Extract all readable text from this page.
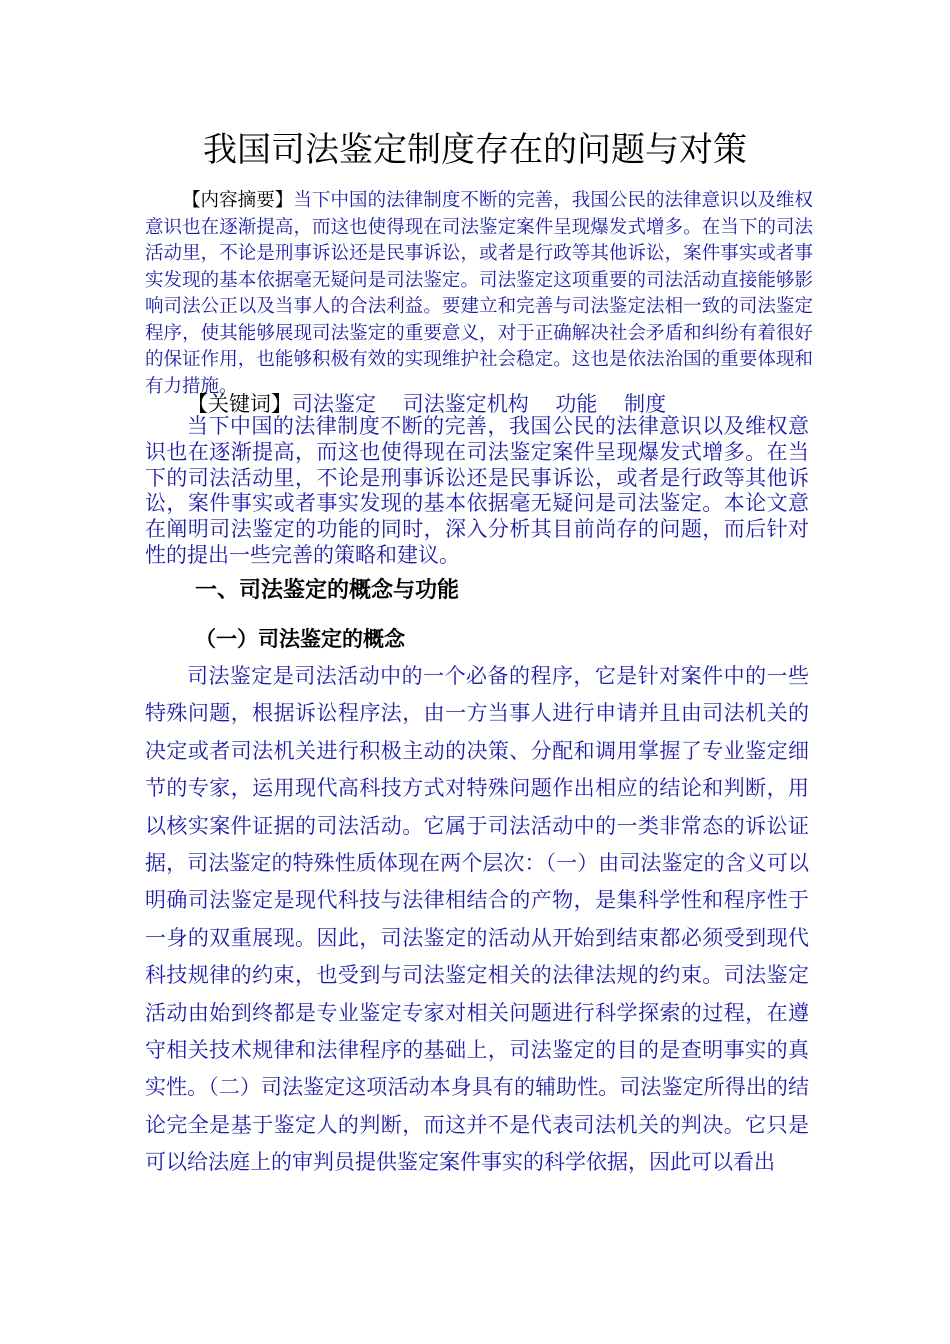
我国司法鉴定制度存在的问题与对策
【内容摘要】当下中国的法律制度不断的完善，我国公民的法律意识以及维权意识也在逐渐提高，而这也使得现在司法鉴定案件呈现爆发式增多。在当下的司法活动里，不论是刑事诉讼还是民事诉讼，或者是行政等其他诉讼，案件事实或者事实发现的基本依据毫无疑问是司法鉴定。司法鉴定这项重要的司法活动直接能够影响司法公正以及当事人的合法利益。要建立和完善与司法鉴定法相一致的司法鉴定程序，使其能够展现司法鉴定的重要意义，对于正确解决社会矛盾和纠纷有着很好的保证作用，也能够积极有效的实现维护社会稳定。这也是依法治国的重要体现和有力措施。
【关键词】司法鉴定    司法鉴定机构    功能    制度
当下中国的法律制度不断的完善，我国公民的法律意识以及维权意识也在逐渐提高，而这也使得现在司法鉴定案件呈现爆发式增多。在当下的司法活动里，不论是刑事诉讼还是民事诉讼，或者是行政等其他诉讼，案件事实或者事实发现的基本依据毫无疑问是司法鉴定。本论文意在阐明司法鉴定的功能的同时，深入分析其目前尚存的问题，而后针对性的提出一些完善的策略和建议。
一、司法鉴定的概念与功能
（一）司法鉴定的概念
司法鉴定是司法活动中的一个必备的程序，它是针对案件中的一些特殊问题，根据诉讼程序法，由一方当事人进行申请并且由司法机关的决定或者司法机关进行积极主动的决策、分配和调用掌握了专业鉴定细节的专家，运用现代高科技方式对特殊问题作出相应的结论和判断，用以核实案件证据的司法活动。它属于司法活动中的一类非常态的诉讼证据，司法鉴定的特殊性质体现在两个层次：（一）由司法鉴定的含义可以明确司法鉴定是现代科技与法律相结合的产物，是集科学性和程序性于一身的双重展现。因此，司法鉴定的活动从开始到结束都必须受到现代科技规律的约束，也受到与司法鉴定相关的法律法规的约束。司法鉴定活动由始到终都是专业鉴定专家对相关问题进行科学探索的过程，在遵守相关技术规律和法律程序的基础上，司法鉴定的目的是查明事实的真实性。（二）司法鉴定这项活动本身具有的辅助性。司法鉴定所得出的结论完全是基于鉴定人的判断，而这并不是代表司法机关的判决。它只是可以给法庭上的审判员提供鉴定案件事实的科学依据，因此可以看出
